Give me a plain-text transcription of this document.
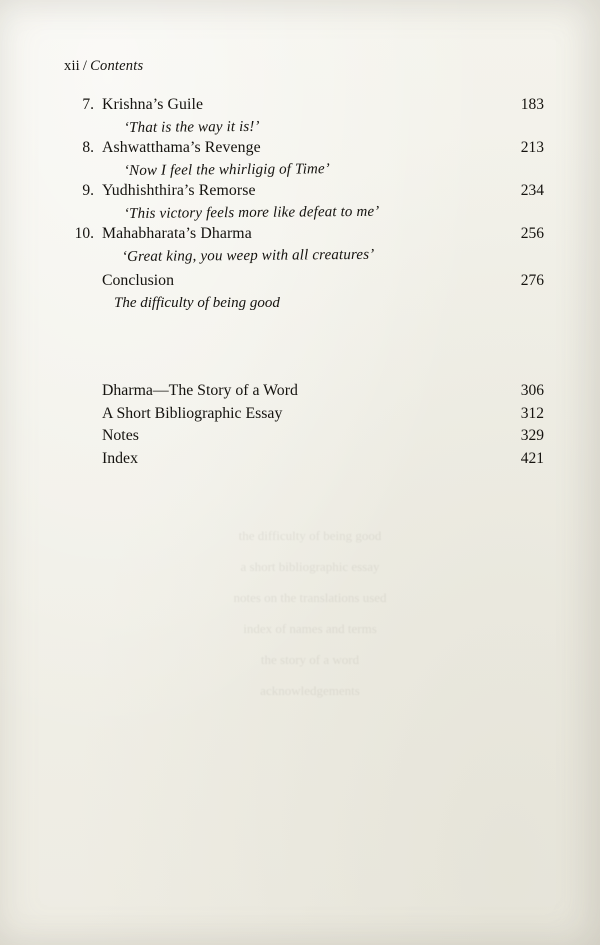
xii / Contents
7. Krishna’s Guile	183
‘That is the way it is!’
8. Ashwatthama’s Revenge	213
‘Now I feel the whirligig of Time’
9. Yudhishthira’s Remorse	234
‘This victory feels more like defeat to me’
10. Mahabharata’s Dharma	256
‘Great king, you weep with all creatures’
Conclusion	276
The difficulty of being good
Dharma—The Story of a Word	306
A Short Bibliographic Essay	312
Notes	329
Index	421
the difficulty of being good
a short bibliographic essay
notes on the translations used
index of names and terms
the story of a word
acknowledgements
